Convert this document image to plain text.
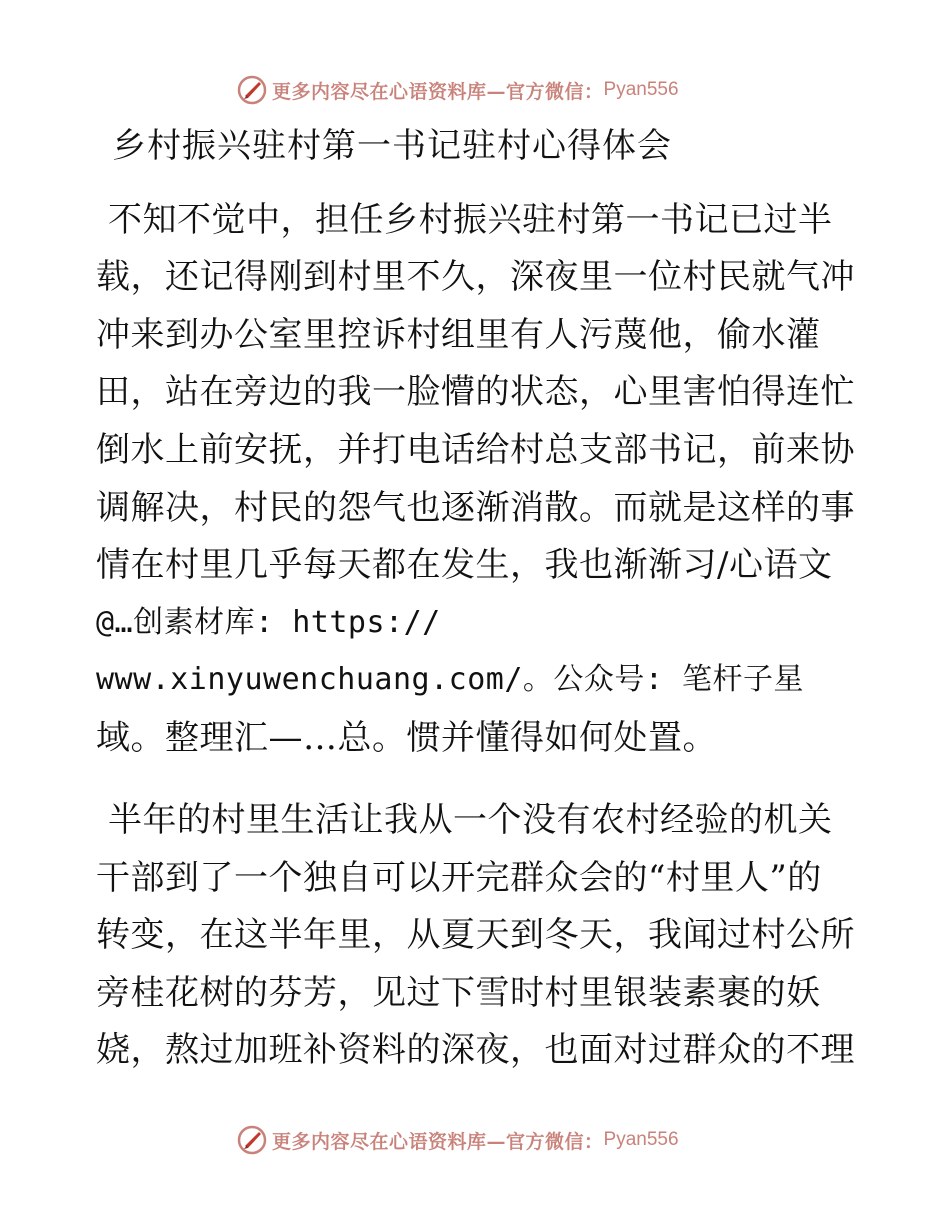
更多内容尽在心语资料库—官方微信： Pyan556
乡村振兴驻村第一书记驻村心得体会
不知不觉中，担任乡村振兴驻村第一书记已过半
载，还记得刚到村里不久，深夜里一位村民就气冲
冲来到办公室里控诉村组里有人污蔑他，偷水灌
田，站在旁边的我一脸懵的状态，心里害怕得连忙
倒水上前安抚，并打电话给村总支部书记，前来协
调解决，村民的怨气也逐渐消散。而就是这样的事
情在村里几乎每天都在发生，我也渐渐习/心语文
@…创素材库: https://
www.xinyuwenchuang.com/。公众号: 笔杆子星
域。整理汇—…总。惯并懂得如何处置。
半年的村里生活让我从一个没有农村经验的机关
干部到了一个独自可以开完群众会的“村里人”的
转变，在这半年里，从夏天到冬天，我闻过村公所
旁桂花树的芬芳，见过下雪时村里银装素裹的妖
娆，熬过加班补资料的深夜，也面对过群众的不理
更多内容尽在心语资料库—官方微信： Pyan556
